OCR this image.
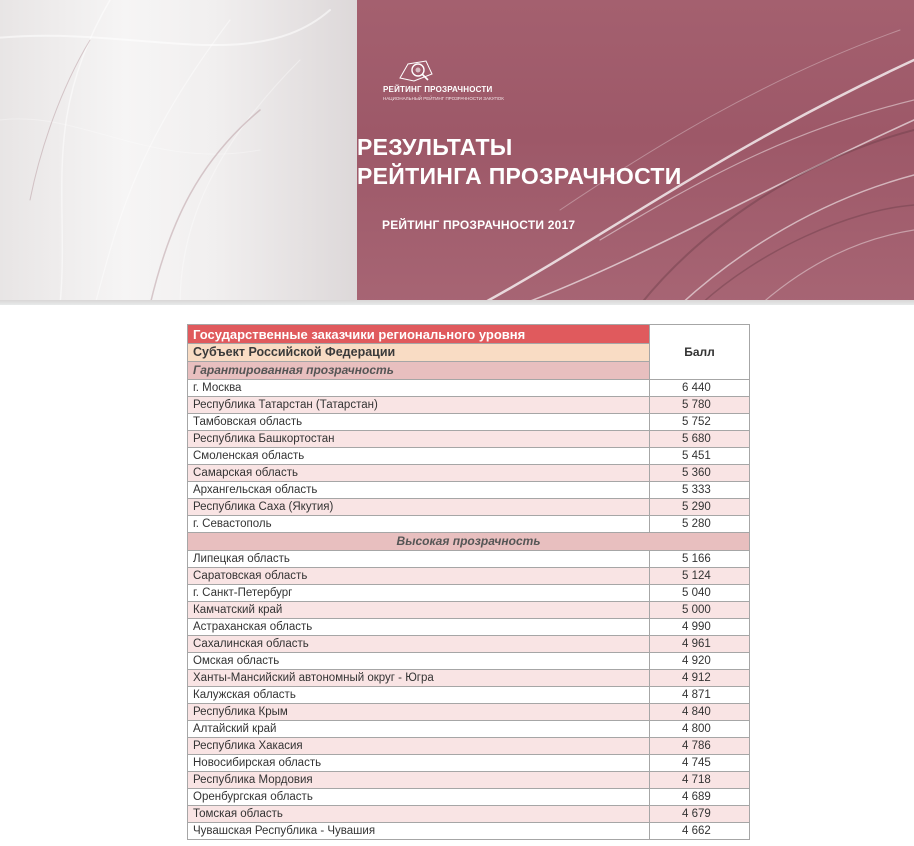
РЕЙТИНГ ПРОЗРАЧНОСТИ
НАЦИОНАЛЬНЫЙ РЕЙТИНГ ПРОЗРАЧНОСТИ ЗАКУПОК
РЕЗУЛЬТАТЫ
РЕЙТИНГА ПРОЗРАЧНОСТИ
РЕЙТИНГ ПРОЗРАЧНОСТИ 2017
Государственные заказчики регионального уровня	Балл
Субъект Российской Федерации	
Гарантированная прозрачность	
г. Москва	6 440
Республика Татарстан (Татарстан)	5 780
Тамбовская область	5 752
Республика Башкортостан	5 680
Смоленская область	5 451
Самарская область	5 360
Архангельская область	5 333
Республика Саха (Якутия)	5 290
г. Севастополь	5 280
Высокая прозрачность	
Липецкая область	5 166
Саратовская область	5 124
г. Санкт-Петербург	5 040
Камчатский край	5 000
Астраханская область	4 990
Сахалинская область	4 961
Омская область	4 920
Ханты-Мансийский автономный округ - Югра	4 912
Калужская область	4 871
Республика Крым	4 840
Алтайский край	4 800
Республика Хакасия	4 786
Новосибирская область	4 745
Республика Мордовия	4 718
Оренбургская область	4 689
Томская область	4 679
Чувашская Республика - Чувашия	4 662
